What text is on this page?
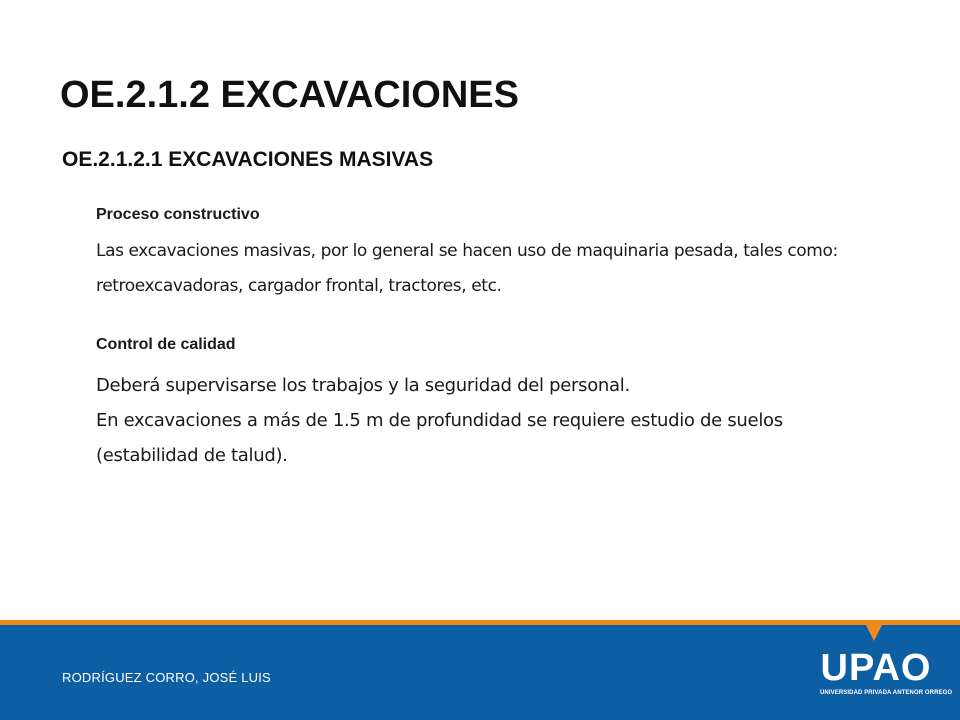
OE.2.1.2 EXCAVACIONES
OE.2.1.2.1 EXCAVACIONES MASIVAS

Proceso constructivo

Las excavaciones masivas, por lo general se hacen uso de maquinaria pesada, tales como: retroexcavadoras, cargador frontal, tractores, etc.

Control de calidad

Deberá supervisarse los trabajos y la seguridad del personal.

En excavaciones a más de 1.5 m de profundidad se requiere estudio de suelos (estabilidad de talud).

RODRÍGUEZ CORRO, JOSÉ LUIS	UPAO
UNIVERSIDAD PRIVADA ANTENOR ORREGO
